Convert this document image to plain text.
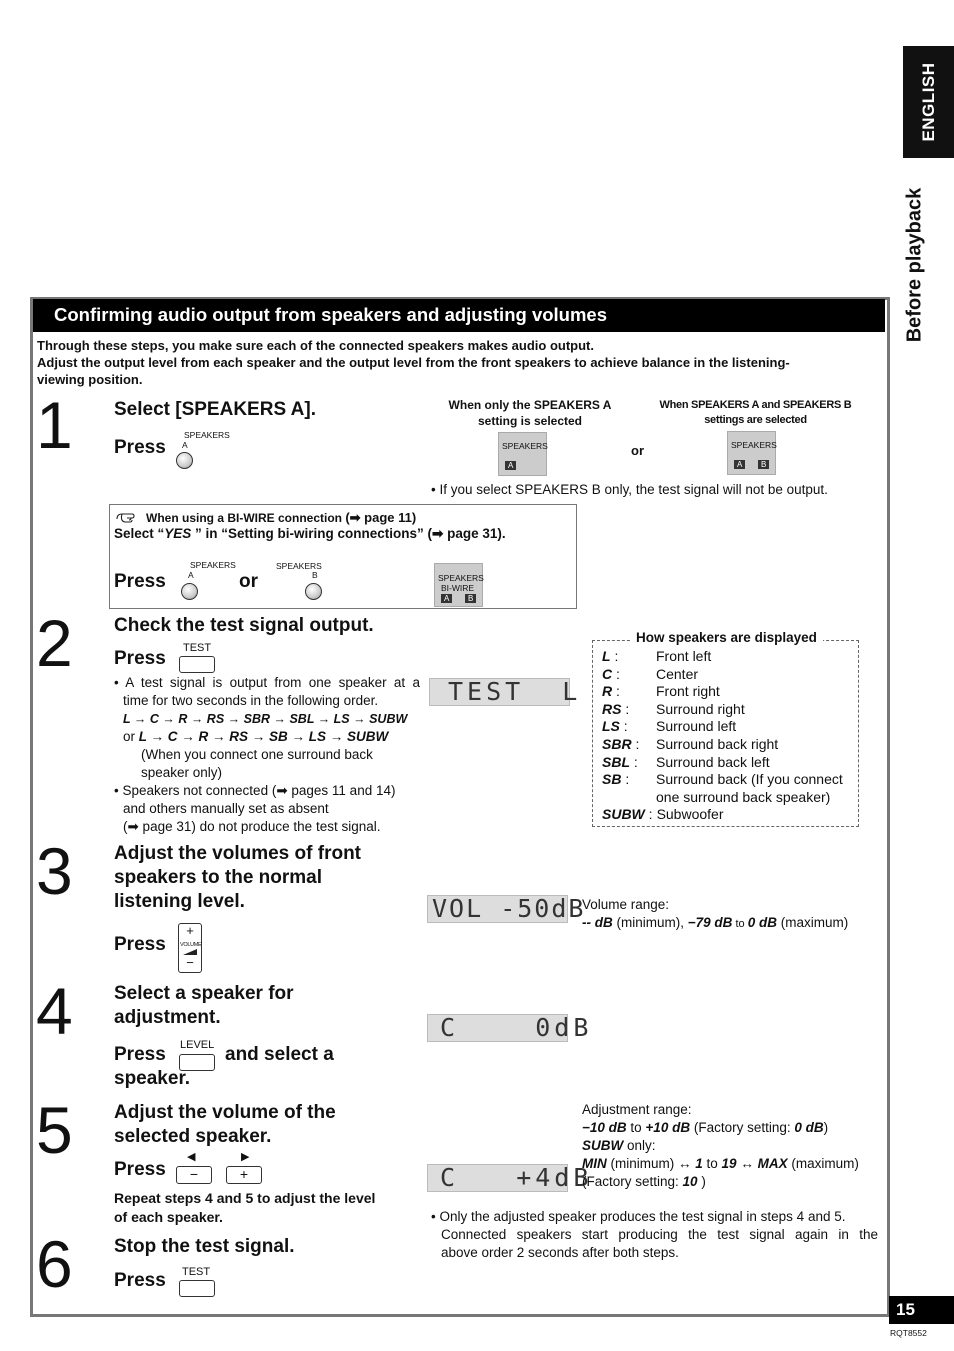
ENGLISH
Before playback
Confirming audio output from speakers and adjusting volumes
Through these steps, you make sure each of the connected speakers makes audio output.
Adjust the output level from each speaker and the output level from the front speakers to achieve balance in the listening-
viewing position.
1 Select [SPEAKERS A].
Press
SPEAKERS
A
When only the SPEAKERS A
setting is selected
When SPEAKERS A and SPEAKERS B
settings are selected
SPEAKERS
A
or	SPEAKERS
A	B
• If you select SPEAKERS B only, the test signal will not be output.
When using a BI-WIRE connection (➡ page 11)
Select “YES ” in “Setting bi-wiring connections” (➡ page 31).
Press
SPEAKERS
A or
SPEAKERS
B	SPEAKERS
BI-WIRE
A	B
2 Check the test signal output.
Press TEST
• A test signal is output from one speaker at a
time for two seconds in the following order.
L → C → R → RS → SBR → SBL → LS → SUBW
or L → C → R → RS → SB → LS → SUBW
(When you connect one surround back
speaker only)
• Speakers not connected (➡ pages 11 and 14)
and others manually set as absent
(➡ page 31) do not produce the test signal.
TEST  L
How speakers are displayed
L :	Front left
C :	Center
R :	Front right
RS : Surround right
LS : Surround left
SBR : Surround back right
SBL : Surround back left
SB : Surround back (If you connect
one surround back speaker)
SUBW : Subwoofer
3 Adjust the volumes of front
speakers to the normal
listening level.
Press
+
VOLUME
−
VOL -50dB
Volume range:
-- dB (minimum), −79 dB to 0 dB (maximum)
4 Select a speaker for
adjustment.
Press LEVEL and select a
speaker.
C    0dB
5 Adjust the volume of the
selected speaker.
Press
◀
−
▶
+
Repeat steps 4 and 5 to adjust the level
of each speaker.
C   +4dB
Adjustment range:
−10 dB to +10 dB (Factory setting: 0 dB)
SUBW only:
MIN (minimum) ↔ 1 to 19 ↔ MAX (maximum)
(Factory setting: 10 )
• Only the adjusted speaker produces the test signal in steps 4 and 5.
Connected speakers start producing the test signal again in the
above order 2 seconds after both steps.
6 Stop the test signal.
Press TEST
15
RQT8552
